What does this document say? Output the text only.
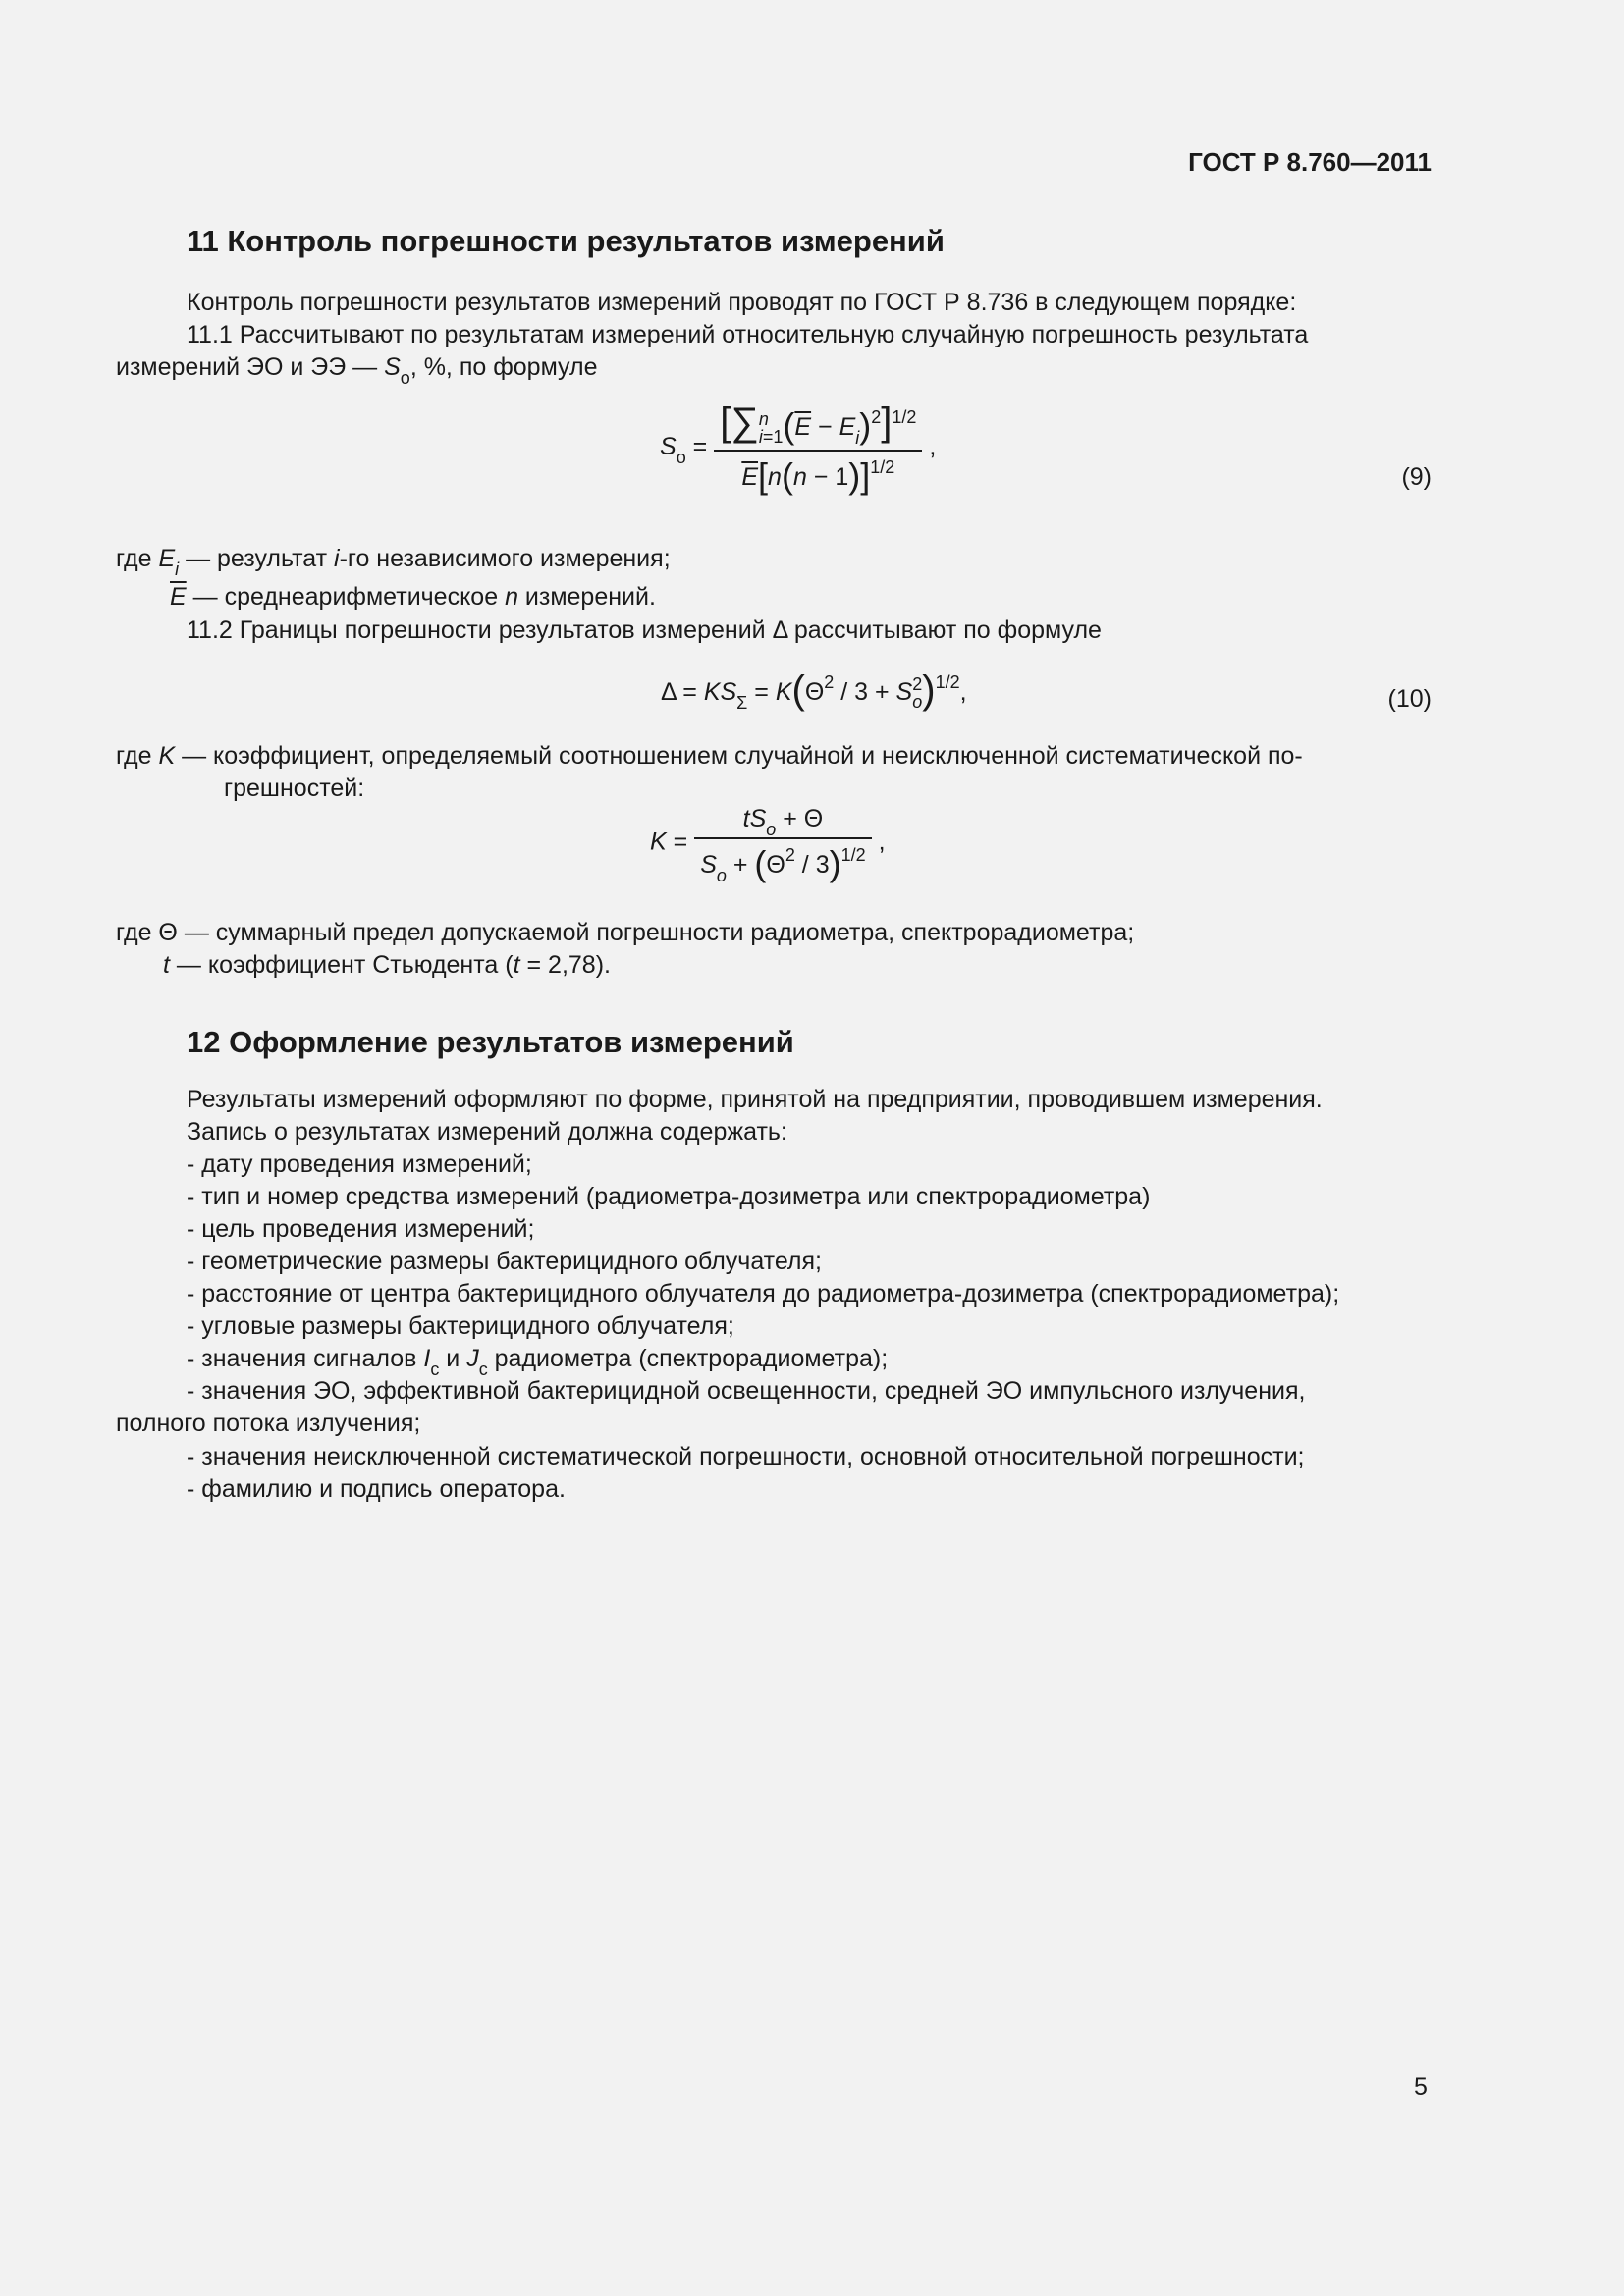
ГОСТ Р 8.760—2011
11 Контроль погрешности результатов измерений
Контроль погрешности результатов измерений проводят по ГОСТ Р 8.736 в следующем порядке:
11.1 Рассчитывают по результатам измерений относительную случайную погрешность результата
измерений ЭО и ЭЭ — $S_о$, %, по формуле
$S_о$ =
[∑n
$i=1(\overline{E} - E_i)^2]^{1/2}$
$\overline{E}[n(n - 1)]^{1/2}$
,
(9)
где $E_i$ — результат i-го независимого измерения;
$\overline{E}$ — среднеарифметическое n измерений.
11.2 Границы погрешности результатов измерений Δ рассчитывают по формуле
$\Delta = KS_\Sigma = K(\Theta^2 / 3 + S2$
o)$^{1/2}$,	(10)
где K — коэффициент, определяемый соотношением случайной и неисключенной систематической по-
грешностей:
$K = \frac{tS_o + \Theta}{S_o + (\Theta^2 / 3)^{1/2}}$ ,
где Θ — суммарный предел допускаемой погрешности радиометра, спектрорадиометра;
t — коэффициент Стьюдента (t = 2,78).
12 Оформление результатов измерений
Результаты измерений оформляют по форме, принятой на предприятии, проводившем измерения.
Запись о результатах измерений должна содержать:
- дату проведения измерений;
- тип и номер средства измерений (радиометра-дозиметра или спектрорадиометра)
- цель проведения измерений;
- геометрические размеры бактерицидного облучателя;
- расстояние от центра бактерицидного облучателя до радиометра-дозиметра (спектрорадиометра);
- угловые размеры бактерицидного облучателя;
- значения сигналов $I_c$ и $J_c$ радиометра (спектрорадиометра);
- значения ЭО, эффективной бактерицидной освещенности, средней ЭО импульсного излучения,
полного потока излучения;
- значения неисключенной систематической погрешности, основной относительной погрешности;
- фамилию и подпись оператора.
5
